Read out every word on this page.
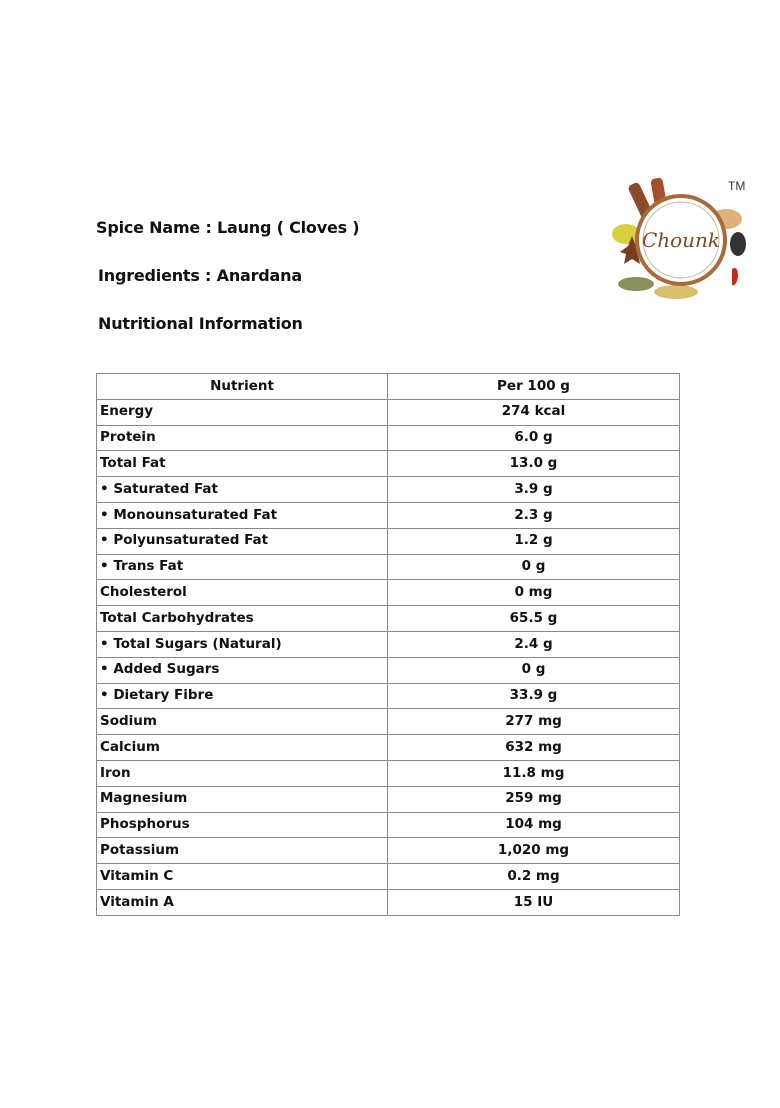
Spice Name : Laung ( Cloves )
Ingredients : Anardana
Nutritional Information
Chounk
TM
Nutrient	Per 100 g
Energy	274 kcal
Protein	6.0 g
Total Fat	13.0 g
• Saturated Fat	3.9 g
• Monounsaturated Fat	2.3 g
• Polyunsaturated Fat	1.2 g
• Trans Fat	0 g
Cholesterol	0 mg
Total Carbohydrates	65.5 g
• Total Sugars (Natural)	2.4 g
• Added Sugars	0 g
• Dietary Fibre	33.9 g
Sodium	277 mg
Calcium	632 mg
Iron	11.8 mg
Magnesium	259 mg
Phosphorus	104 mg
Potassium	1,020 mg
Vitamin C	0.2 mg
Vitamin A	15 IU
